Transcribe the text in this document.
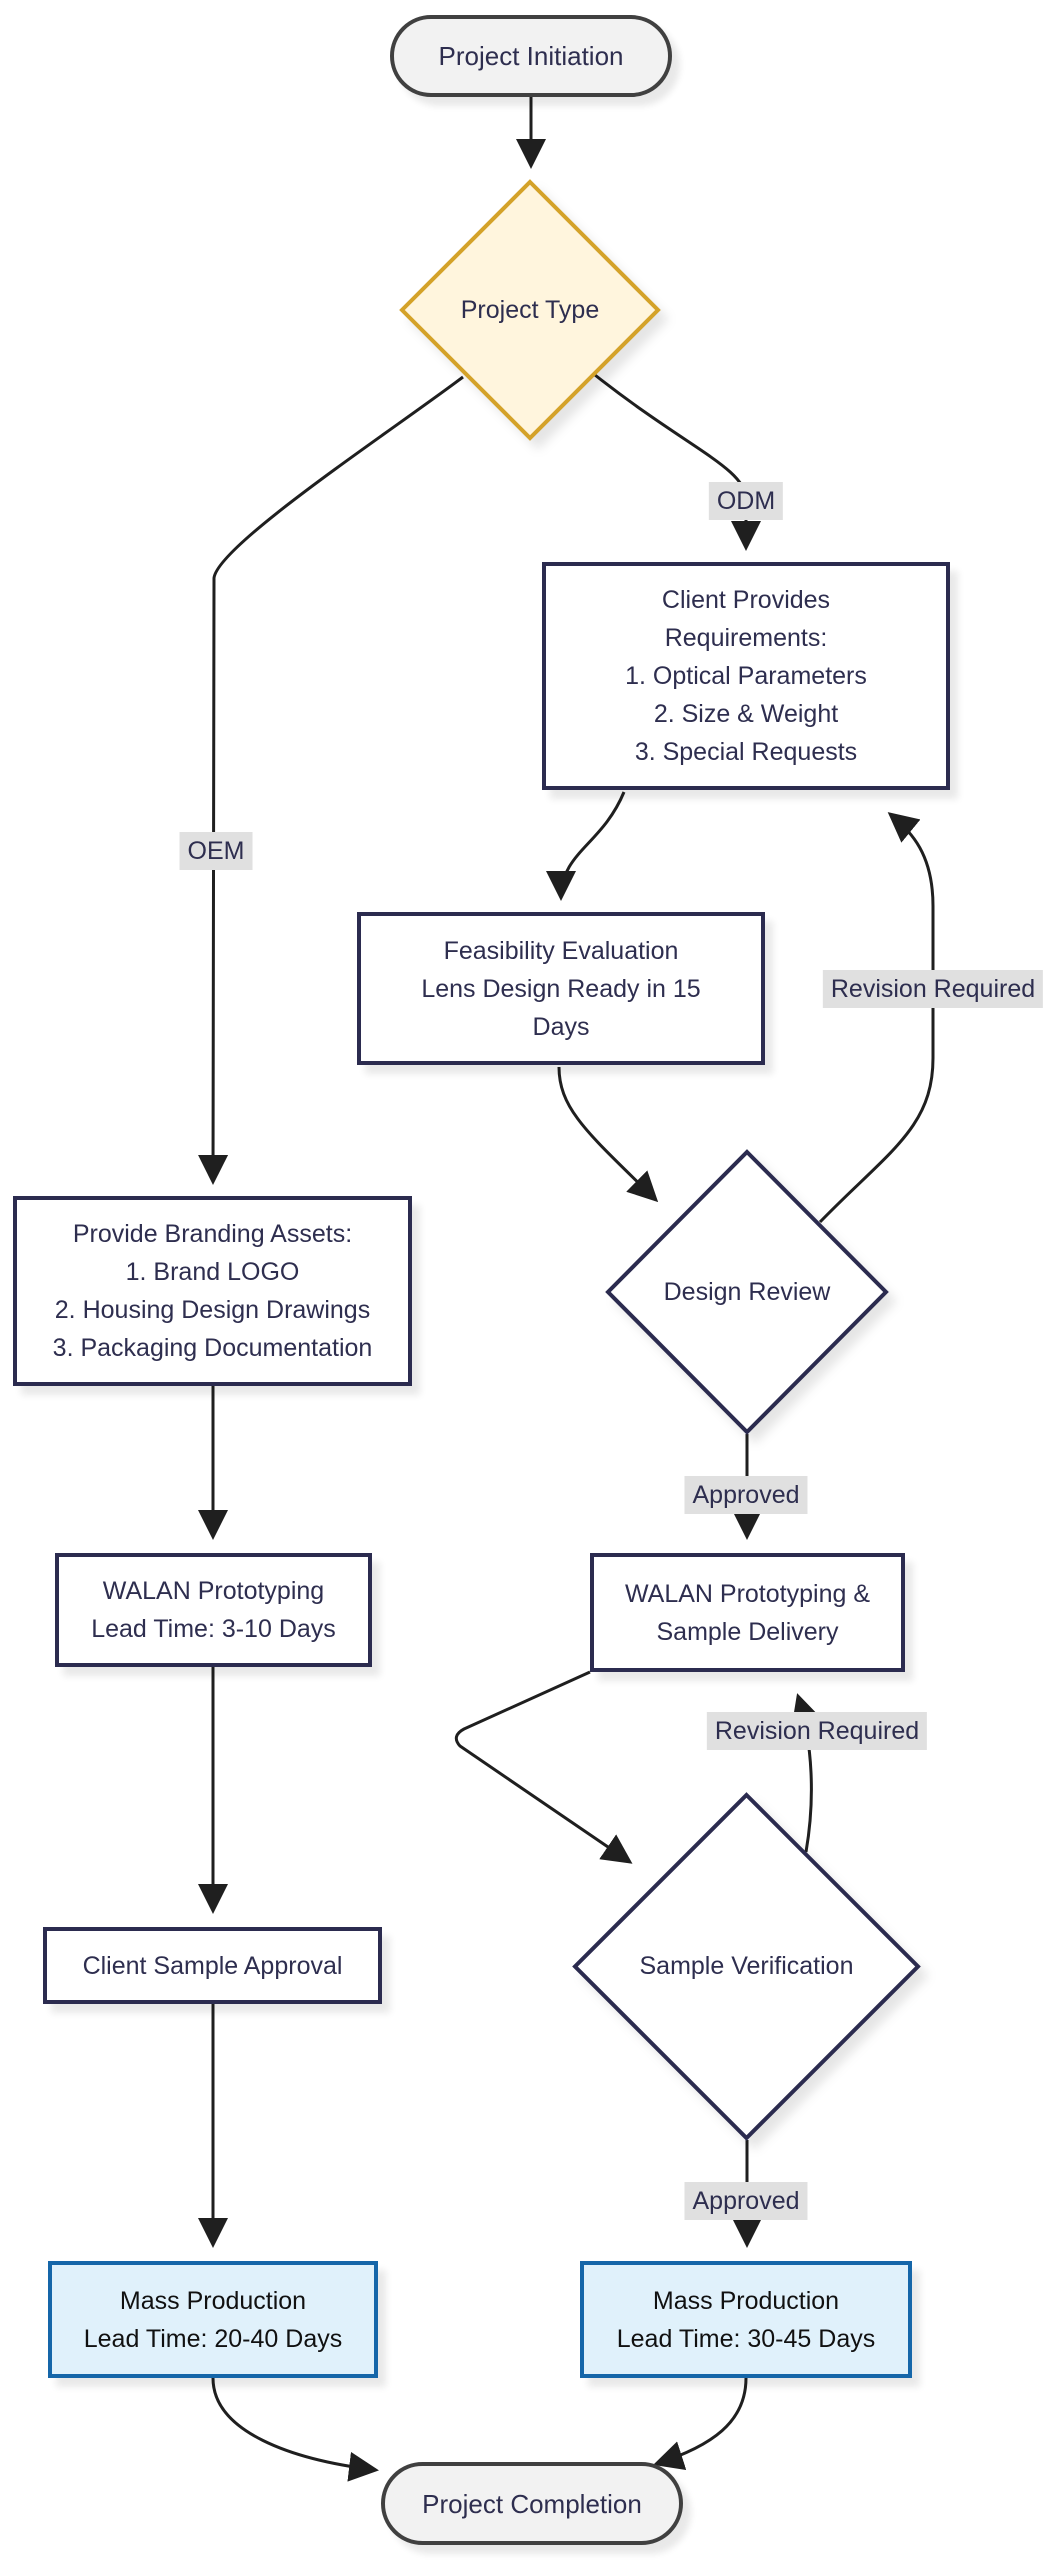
Project Initiation
Project Type
Client Provides
Requirements:
1. Optical Parameters
2. Size & Weight
3. Special Requests
Feasibility Evaluation
Lens Design Ready in 15
Days
Design Review
Provide Branding Assets:
1. Brand LOGO
2. Housing Design Drawings
3. Packaging Documentation
WALAN Prototyping &
Sample Delivery
WALAN Prototyping
Lead Time: 3-10 Days
Sample Verification
Client Sample Approval
Mass Production
Lead Time: 20-40 Days
Mass Production
Lead Time: 30-45 Days
Project Completion
ODM
OEM
Revision Required
Approved
Revision Required
Approved
